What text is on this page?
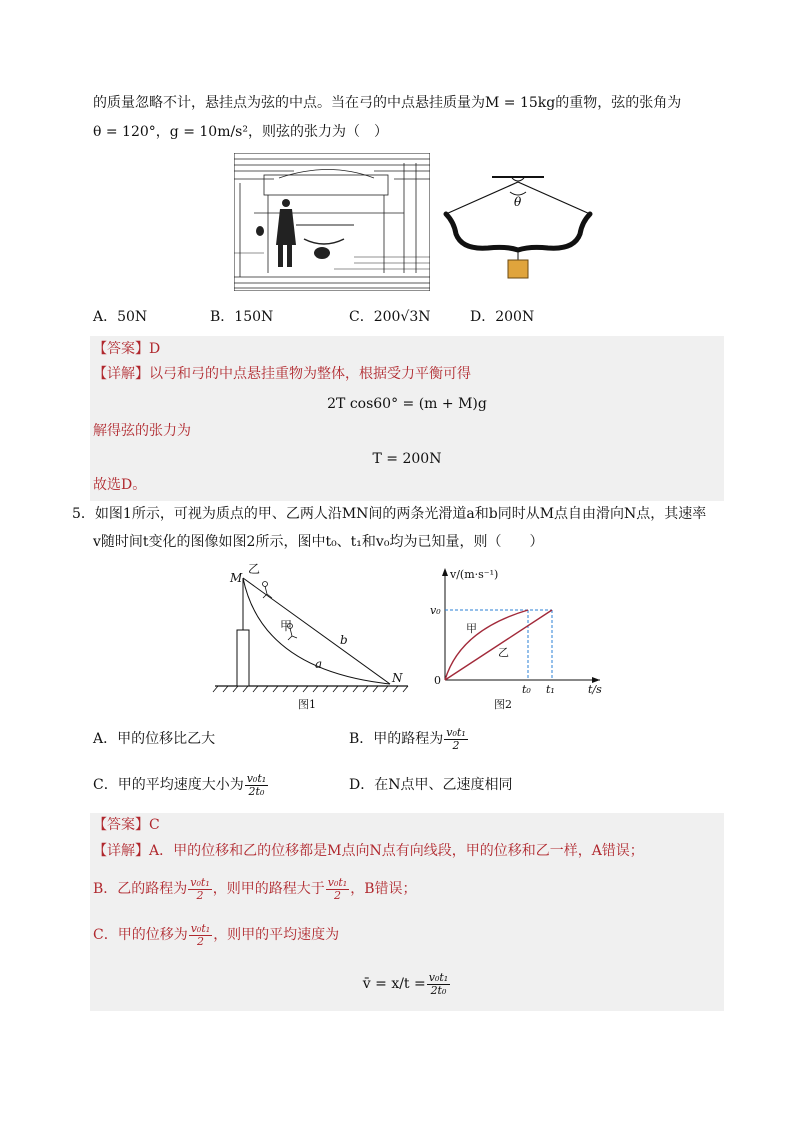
的质量忽略不计，悬挂点为弦的中点。当在弓的中点悬挂质量为M = 15kg的重物，弦的张角为
θ = 120°，g = 10m/s²，则弦的张力为（　）
θ
A．50N	B．150N	C．200√3N	D．200N
【答案】D
【详解】以弓和弓的中点悬挂重物为整体，根据受力平衡可得
2T cos60° = (m + M)g
解得弦的张力为
T = 200N
故选D。
5．如图1所示，可视为质点的甲、乙两人沿MN间的两条光滑道a和b同时从M点自由滑向N点，其速率
v随时间t变化的图像如图2所示，图中t₀、t₁和v₀均为已知量，则（　　）
M
N
乙
甲
a
b
图1
v/(m·s⁻¹)
v₀
0
甲
乙
t₀ t₁	t/s
图2
A．甲的位移比乙大	B．甲的路程为 $\frac{\text{v₀t₁}}{2}$
C．甲的平均速度大小为 $\frac{\text{v₀t₁}}{\text{2t₀}}$	D．在N点甲、乙速度相同
【答案】C
【详解】A．甲的位移和乙的位移都是M点向N点有向线段，甲的位移和乙一样，A错误；
B．乙的路程为 $\frac{\text{v₀t₁}}{2}$ ，则甲的路程大于 $\frac{\text{v₀t₁}}{2}$ ，B错误；
C．甲的位移为 $\frac{\text{v₀t₁}}{2}$ ，则甲的平均速度为
v̄ = $x/t = \frac{\text{v₀t₁}}{\text{2t₀}}$
